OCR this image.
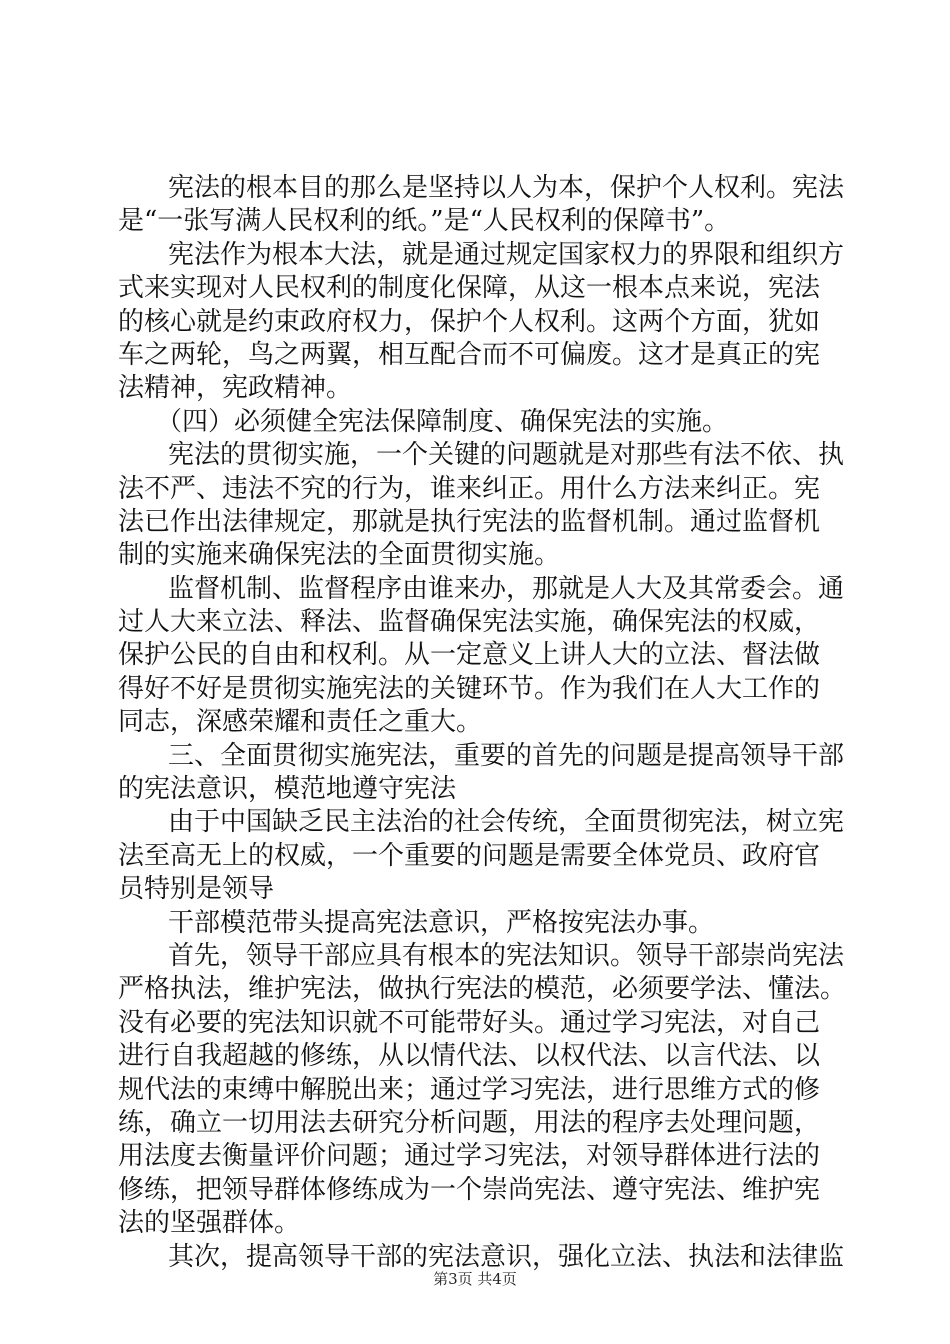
宪法的根本目的那么是坚持以人为本，保护个人权利。宪法
是“一张写满人民权利的纸。”是“人民权利的保障书”。
宪法作为根本大法，就是通过规定国家权力的界限和组织方
式来实现对人民权利的制度化保障，从这一根本点来说，宪法
的核心就是约束政府权力，保护个人权利。这两个方面，犹如
车之两轮，鸟之两翼，相互配合而不可偏废。这才是真正的宪
法精神，宪政精神。
（四）必须健全宪法保障制度、确保宪法的实施。
宪法的贯彻实施，一个关键的问题就是对那些有法不依、执
法不严、违法不究的行为，谁来纠正。用什么方法来纠正。宪
法已作出法律规定，那就是执行宪法的监督机制。通过监督机
制的实施来确保宪法的全面贯彻实施。
监督机制、监督程序由谁来办，那就是人大及其常委会。通
过人大来立法、释法、监督确保宪法实施，确保宪法的权威，
保护公民的自由和权利。从一定意义上讲人大的立法、督法做
得好不好是贯彻实施宪法的关键环节。作为我们在人大工作的
同志，深感荣耀和责任之重大。
三、全面贯彻实施宪法，重要的首先的问题是提高领导干部
的宪法意识，模范地遵守宪法
由于中国缺乏民主法治的社会传统，全面贯彻宪法，树立宪
法至高无上的权威，一个重要的问题是需要全体党员、政府官
员特别是领导
干部模范带头提高宪法意识，严格按宪法办事。
首先，领导干部应具有根本的宪法知识。领导干部崇尚宪法
严格执法，维护宪法，做执行宪法的模范，必须要学法、懂法。
没有必要的宪法知识就不可能带好头。通过学习宪法，对自己
进行自我超越的修练，从以情代法、以权代法、以言代法、以
规代法的束缚中解脱出来；通过学习宪法，进行思维方式的修
练，确立一切用法去研究分析问题，用法的程序去处理问题，
用法度去衡量评价问题；通过学习宪法，对领导群体进行法的
修练，把领导群体修练成为一个崇尚宪法、遵守宪法、维护宪
法的坚强群体。
其次，提高领导干部的宪法意识，强化立法、执法和法律监
第3页 共4页
